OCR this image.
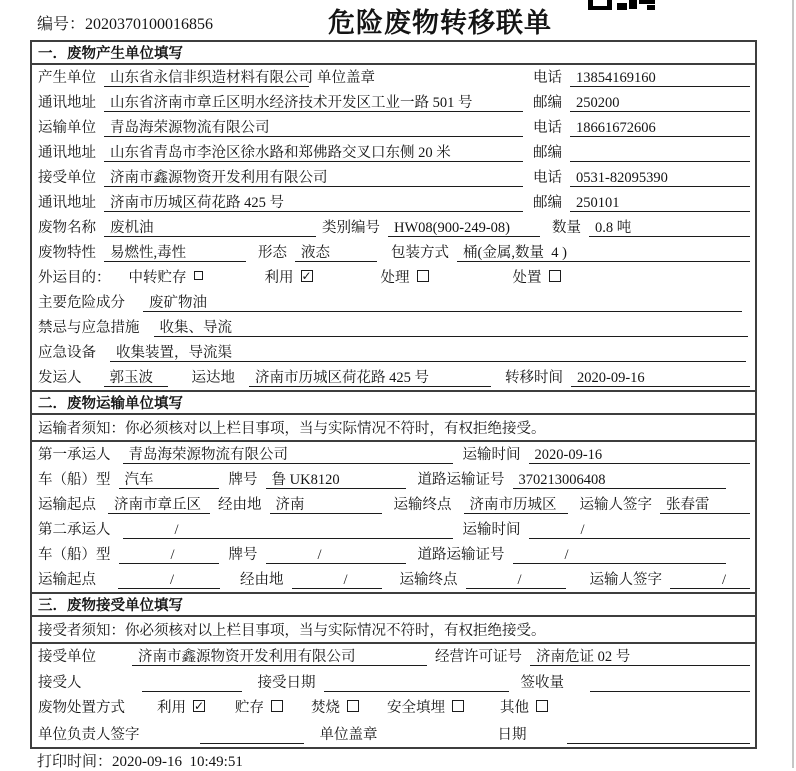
编号：2020370100016856	危险废物转移联单
一．废物产生单位填写
产生单位 山东省永信非织造材料有限公司 单位盖章	电话 13854169160
通讯地址 山东省济南市章丘区明水经济技术开发区工业一路 501 号	邮编 250200
运输单位 青岛海荣源物流有限公司	电话 18661672606
通讯地址 山东省青岛市李沧区徐水路和郑佛路交叉口东侧 20 米	邮编
接受单位 济南市鑫源物资开发利用有限公司	电话 0531-82095390
通讯地址 济南市历城区荷花路 425 号	邮编 250101
废物名称 废机油	类别编号 HW08(900-249-08)	数量 0.8 吨
废物特性 易燃性,毒性	形态 液态	包装方式 桶(金属,数量  4 )
外运目的：	中转贮存	利用 ✓	处理	处置
主要危险成分	废矿物油
禁忌与应急措施	收集、导流
应急设备	收集装置，导流渠
发运人	郭玉波	运达地	济南市历城区荷花路 425 号	转移时间 2020-09-16
二．废物运输单位填写
运输者须知：你必须核对以上栏目事项，当与实际情况不符时，有权拒绝接受。
第一承运人	青岛海荣源物流有限公司	运输时间 2020-09-16
车（船）型 汽车	牌号 鲁 UK8120	道路运输证号 370213006408
运输起点	济南市章丘区	经由地 济南	运输终点	济南市历城区	运输人签字 张春雷
第二承运人	/	运输时间	/
车（船）型	/	牌号	/	道路运输证号	/
运输起点	/	经由地	/	运输终点	/	运输人签字	/
三．废物接受单位填写
接受者须知：你必须核对以上栏目事项，当与实际情况不符时，有权拒绝接受。
接受单位	济南市鑫源物资开发利用有限公司	经营许可证号 济南危证 02 号
接受人	接受日期	签收量
废物处置方式	利用 ✓ 贮存	焚烧	安全填埋	其他
单位负责人签字	单位盖章	日期
打印时间：2020-09-16  10:49:51
